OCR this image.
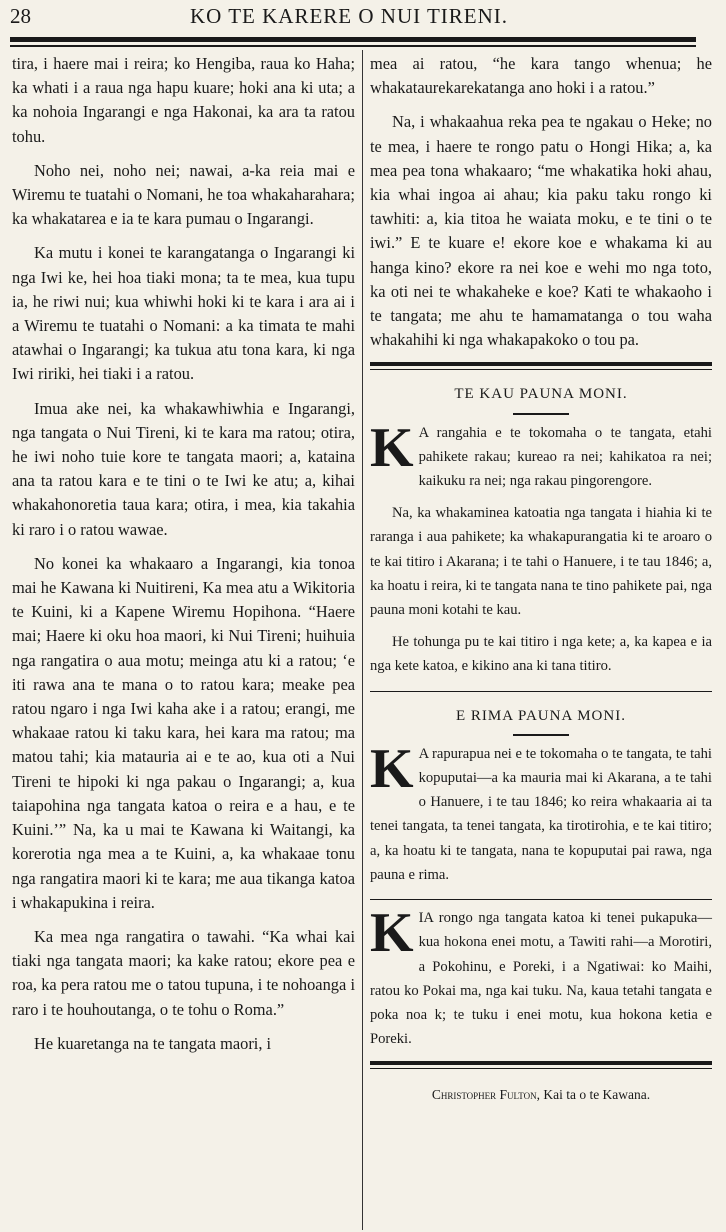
28	KO TE KARERE O NUI TIRENI.

tira, i haere mai i reira; ko Hengiba, raua ko Haha; ka whati i a raua nga hapu kuare; hoki ana ki uta; a ka nohoia Ingarangi e nga Hakonai, ka ara ta ratou tohu.

Noho nei, noho nei; nawai, a-ka reia mai e Wiremu te tuatahi o Nomani, he toa whakaharahara; ka whakatarea e ia te kara pumau o Ingarangi.

Ka mutu i konei te karangatanga o Ingarangi ki nga Iwi ke, hei hoa tiaki mona; ta te mea, kua tupu ia, he riwi nui; kua whiwhi hoki ki te kara i ara ai i a Wiremu te tuatahi o Nomani: a ka timata te mahi atawhai o Ingarangi; ka tukua atu tona kara, ki nga Iwi ririki, hei tiaki i a ratou.

Imua ake nei, ka whakawhiwhia e Ingarangi, nga tangata o Nui Tireni, ki te kara ma ratou; otira, he iwi noho tuie kore te tangata maori; a, kataina ana ta ratou kara e te tini o te Iwi ke atu; a, kihai whakahonoretia taua kara; otira, i mea, kia takahia ki raro i o ratou wawae.

No konei ka whakaaro a Ingarangi, kia tonoa mai he Kawana ki Nuitireni, Ka mea atu a Wikitoria te Kuini, ki a Kapene Wiremu Hopihona. “Haere mai; Haere ki oku hoa maori, ki Nui Tireni; huihuia nga rangatira o aua motu; meinga atu ki a ratou; ‘e iti rawa ana te mana o to ratou kara; meake pea ratou ngaro i nga Iwi kaha ake i a ratou; erangi, me whakaae ratou ki taku kara, hei kara ma ratou; ma matou tahi; kia matauria ai e te ao, kua oti a Nui Tireni te hipoki ki nga pakau o Ingarangi; a, kua taiapohina nga tangata katoa o reira e a hau, e te Kuini.’” Na, ka u mai te Kawana ki Waitangi, ka korerotia nga mea a te Kuini, a, ka whakaae tonu nga rangatira maori ki te kara; me aua tikanga katoa i whakapukina i reira.

Ka mea nga rangatira o tawahi. “Ka whai kai tiaki nga tangata maori; ka kake ratou; ekore pea e roa, ka pera ratou me o tatou tupuna, i te nohoanga i raro i te houhoutanga, o te tohu o Roma.”

He kuaretanga na te tangata maori, i

mea ai ratou, “he kara tango whenua; he whakataurekarekatanga ano hoki i a ratou.”

Na, i whakaahua reka pea te ngakau o Heke; no te mea, i haere te rongo patu o Hongi Hika; a, ka mea pea tona whakaaro; “me whakatika hoki ahau, kia whai ingoa ai ahau; kia paku taku rongo ki tawhiti: a, kia titoa he waiata moku, e te tini o te iwi.” E te kuare e! ekore koe e whakama ki au hanga kino? ekore ra nei koe e wehi mo nga toto, ka oti nei te whakaheke e koe? Kati te whakaoho i te tangata; me ahu te hamamatanga o tou waha whakahihi ki nga whakapakoko o tou pa.

TE KAU PAUNA MONI.

K A rangahia e te tokomaha o te tangata, etahi pahikete rakau; kureao ra nei; kahikatoa ra nei; kaikuku ra nei; nga rakau pingorengore.

Na, ka whakaminea katoatia nga tangata i hiahia ki te raranga i aua pahikete; ka whakapurangatia ki te aroaro o te kai titiro i Akarana; i te tahi o Hanuere, i te tau 1846; a, ka hoatu i reira, ki te tangata nana te tino pahikete pai, nga pauna moni kotahi te kau.

He tohunga pu te kai titiro i nga kete; a, ka kapea e ia nga kete katoa, e kikino ana ki tana titiro.

E RIMA PAUNA MONI.

K A rapurapua nei e te tokomaha o te tangata, te tahi kopuputai—a ka mauria mai ki Akarana, a te tahi o Hanuere, i te tau 1846; ko reira whakaaria ai ta tenei tangata, ta tenei tangata, ka tirotirohia, e te kai titiro; a, ka hoatu ki te tangata, nana te kopuputai pai rawa, nga pauna e rima.

KIA rongo nga tangata katoa ki tenei pukapuka—kua hokona enei motu, a Tawiti rahi—a Morotiri, a Pokohinu, e Poreki, i a Ngatiwai: ko Maihi, ratou ko Pokai ma, nga kai tuku. Na, kaua tetahi tangata e poka noa k; te tuku i enei motu, kua hokona ketia e Poreki.

Christopher Fulton, Kai ta o te Kawana.
